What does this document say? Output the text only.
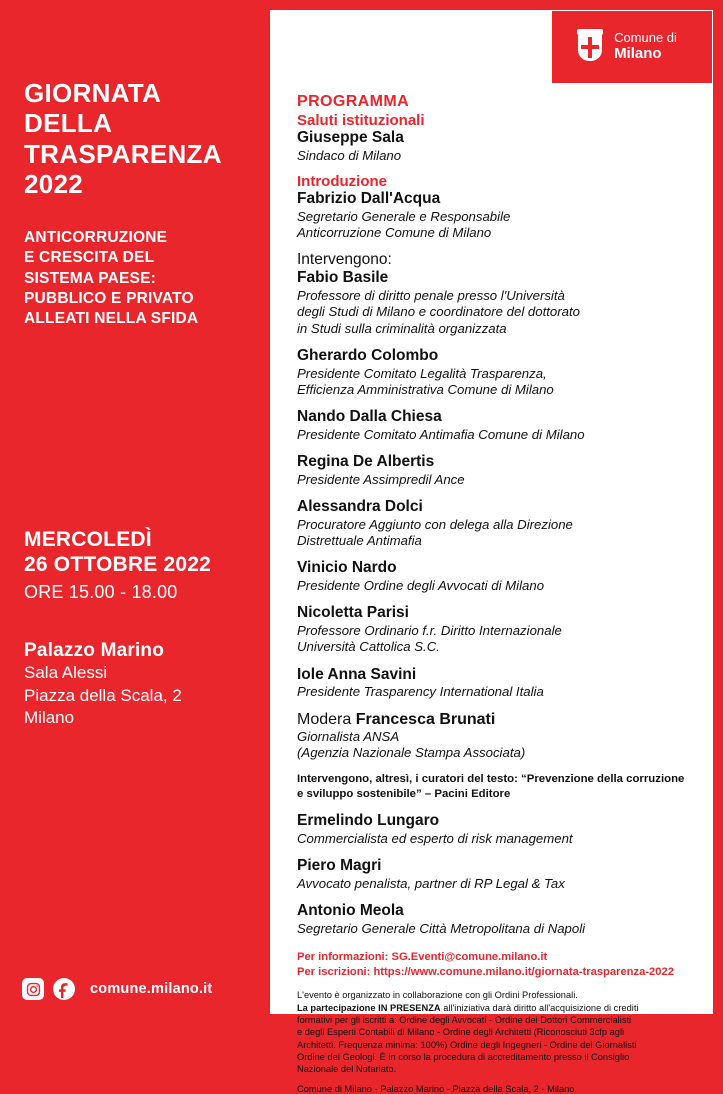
GIORNATA
DELLA
TRASPARENZA
2022
ANTICORRUZIONE
E CRESCITA DEL
SISTEMA PAESE:
PUBBLICO E PRIVATO
ALLEATI NELLA SFIDA
MERCOLEDÌ
26 OTTOBRE 2022
ORE 15.00 - 18.00
Palazzo Marino
Sala Alessi
Piazza della Scala, 2
Milano
comune.milano.it
Comune di
Milano
PROGRAMMA
Saluti istituzionali
Giuseppe Sala
Sindaco di Milano
Introduzione
Fabrizio Dall'Acqua
Segretario Generale e Responsabile
Anticorruzione Comune di Milano
Intervengono:
Fabio Basile
Professore di diritto penale presso l'Università
degli Studi di Milano e coordinatore del dottorato
in Studi sulla criminalità organizzata
Gherardo Colombo
Presidente Comitato Legalità Trasparenza,
Efficienza Amministrativa Comune di Milano
Nando Dalla Chiesa
Presidente Comitato Antimafia Comune di Milano
Regina De Albertis
Presidente Assimpredil Ance
Alessandra Dolci
Procuratore Aggiunto con delega alla Direzione
Distrettuale Antimafia
Vinicio Nardo
Presidente Ordine degli Avvocati di Milano
Nicoletta Parisi
Professore Ordinario f.r. Diritto Internazionale
Università Cattolica S.C.
Iole Anna Savini
Presidente Trasparency International Italia
Modera Francesca Brunati
Giornalista ANSA
(Agenzia Nazionale Stampa Associata)
Intervengono, altresì, i curatori del testo: “Prevenzione della corruzione
e sviluppo sostenibile” – Pacini Editore
Ermelindo Lungaro
Commercialista ed esperto di risk management
Piero Magri
Avvocato penalista, partner di RP Legal & Tax
Antonio Meola
Segretario Generale Città Metropolitana di Napoli
Per informazioni: SG.Eventi@comune.milano.it
Per iscrizioni: https://www.comune.milano.it/giornata-trasparenza-2022
L'evento è organizzato in collaborazione con gli Ordini Professionali.
La partecipazione IN PRESENZA all'iniziativa darà diritto all'acquisizione di crediti
formativi per gli iscritti a: Ordine degli Avvocati - Ordine dei Dottori Commercialisti
e degli Esperti Contabili di Milano - Ordine degli Architetti (Riconosciuti 3cfp agli
Architetti. Frequenza minima: 100%) Ordine degli Ingegneri - Ordine dei Giornalisti
Ordine dei Geologi. È in corso la procedura di accreditamento presso il Consiglio
Nazionale del Notariato.
Comune di Milano - Palazzo Marino - Piazza della Scala, 2 - Milano
